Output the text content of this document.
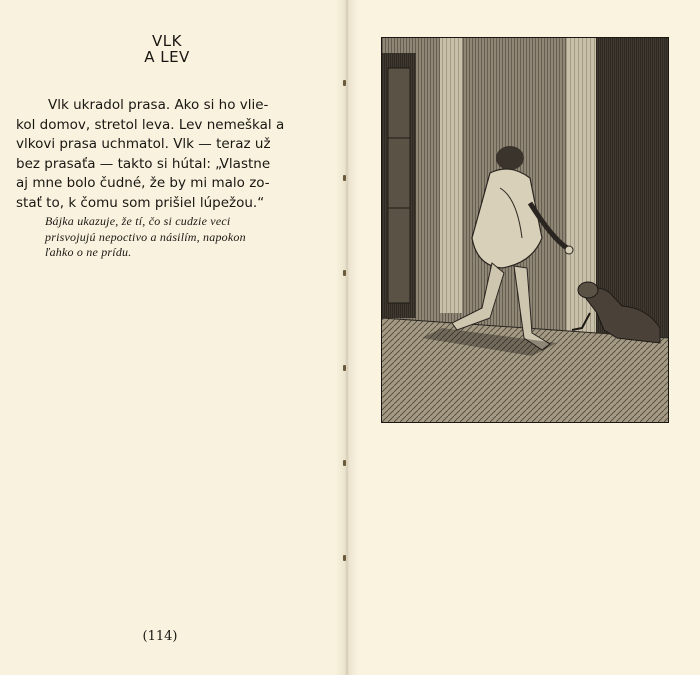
VLK
A LEV
Vlk ukradol prasa. Ako si ho vlie-
kol domov, stretol leva. Lev nemeškal a
vlkovi prasa uchmatol. Vlk — teraz už
bez prasaťa — takto si hútal: „Vlastne
aj mne bolo čudné, že by mi malo zo-
stať to, k čomu som prišiel lúpežou.“
Bájka ukazuje, že tí, čo si cudzie veci
prisvojujú nepoctivo a násilím, napokon
ľahko o ne prídu.
(114)
